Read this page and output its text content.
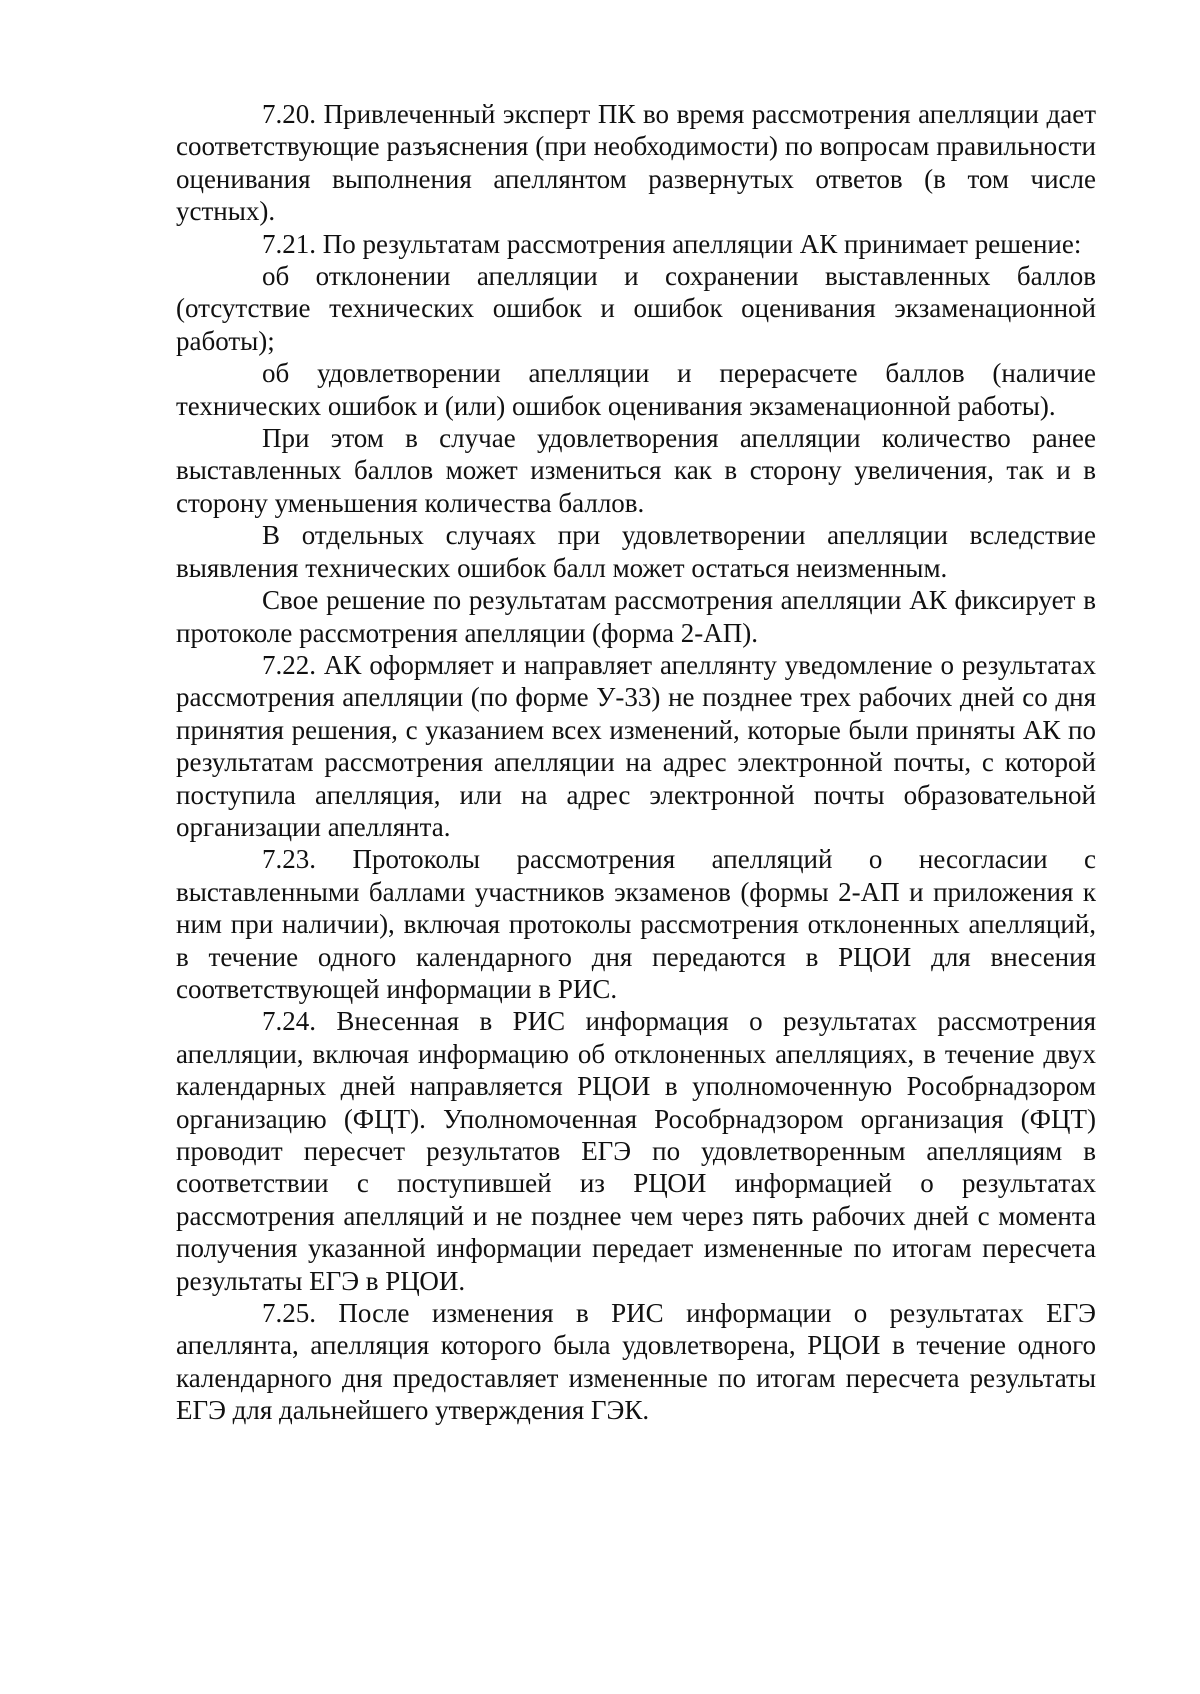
7.20. Привлеченный эксперт ПК во время рассмотрения апелляции дает соответствующие разъяснения (при необходимости) по вопросам правильности оценивания выполнения апеллянтом развернутых ответов (в том числе устных).

7.21. По результатам рассмотрения апелляции АК принимает решение:

об отклонении апелляции и сохранении выставленных баллов (отсутствие технических ошибок и ошибок оценивания экзаменационной работы);

об удовлетворении апелляции и перерасчете баллов (наличие технических ошибок и (или) ошибок оценивания экзаменационной работы).

При этом в случае удовлетворения апелляции количество ранее выставленных баллов может измениться как в сторону увеличения, так и в сторону уменьшения количества баллов.

В отдельных случаях при удовлетворении апелляции вследствие выявления технических ошибок балл может остаться неизменным.

Свое решение по результатам рассмотрения апелляции АК фиксирует в протоколе рассмотрения апелляции (форма 2-АП).

7.22. АК оформляет и направляет апеллянту уведомление о результатах рассмотрения апелляции (по форме У-33) не позднее трех рабочих дней со дня принятия решения, с указанием всех изменений, которые были приняты АК по результатам рассмотрения апелляции на адрес электронной почты, с которой поступила апелляция, или на адрес электронной почты образовательной организации апеллянта.

7.23. Протоколы рассмотрения апелляций о несогласии с выставленными баллами участников экзаменов (формы 2-АП и приложения к ним при наличии), включая протоколы рассмотрения отклоненных апелляций, в течение одного календарного дня передаются в РЦОИ для внесения соответствующей информации в РИС.

7.24. Внесенная в РИС информация о результатах рассмотрения апелляции, включая информацию об отклоненных апелляциях, в течение двух календарных дней направляется РЦОИ в уполномоченную Рособрнадзором организацию (ФЦТ). Уполномоченная Рособрнадзором организация (ФЦТ) проводит пересчет результатов ЕГЭ по удовлетворенным апелляциям в соответствии с поступившей из РЦОИ информацией о результатах рассмотрения апелляций и не позднее чем через пять рабочих дней с момента получения указанной информации передает измененные по итогам пересчета результаты ЕГЭ в РЦОИ.

7.25. После изменения в РИС информации о результатах ЕГЭ апеллянта, апелляция которого была удовлетворена, РЦОИ в течение одного календарного дня предоставляет измененные по итогам пересчета результаты ЕГЭ для дальнейшего утверждения ГЭК.
